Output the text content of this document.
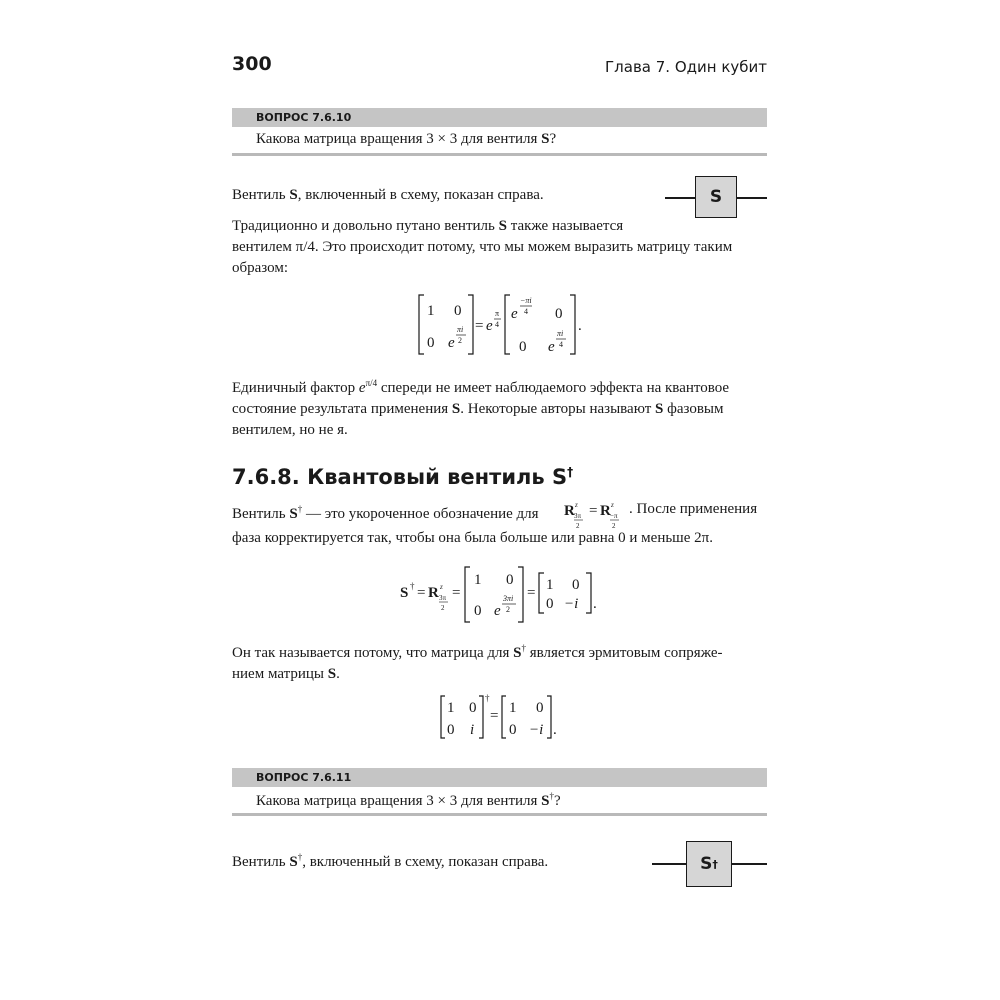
300	Глава 7. Один кубит
ВОПРОС 7.6.10
Какова матрица вращения 3 × 3 для вентиля S?
Вентиль S, включенный в схему, показан справа.	S
Традиционно и довольно путано вентиль S также называется
вентилем π/4. Это происходит потому, что мы можем выразить матрицу таким
образом:
1 0
0 e
πi
2
= e
π
4
e
−πi
4 0
0 e
πi
4
.
Единичный фактор $e^{\pi/4}$ спереди не имеет наблюдаемого эффекта на квантовое
состояние результата применения S. Некоторые авторы называют S фазовым
вентилем, но не я.
7.6.8. Квантовый вентиль S†
Вентиль S† — это укороченное обозначение для R z
3π
2
= R z
−π
2
. После применения
фаза корректируется так, чтобы она была больше или равна 0 и меньше 2π.
S † = R z
3π
2
=
1 0
0 e
3πi
2
= 1 0
0 −i .
Он так называется потому, что матрица для S† является эрмитовым сопряже-
нием матрицы S.
1 0
0 i
†
= 1 0
0 −i .
ВОПРОС 7.6.11
Какова матрица вращения 3 × 3 для вентиля S†?
Вентиль S†, включенный в схему, показан справа.	S †
